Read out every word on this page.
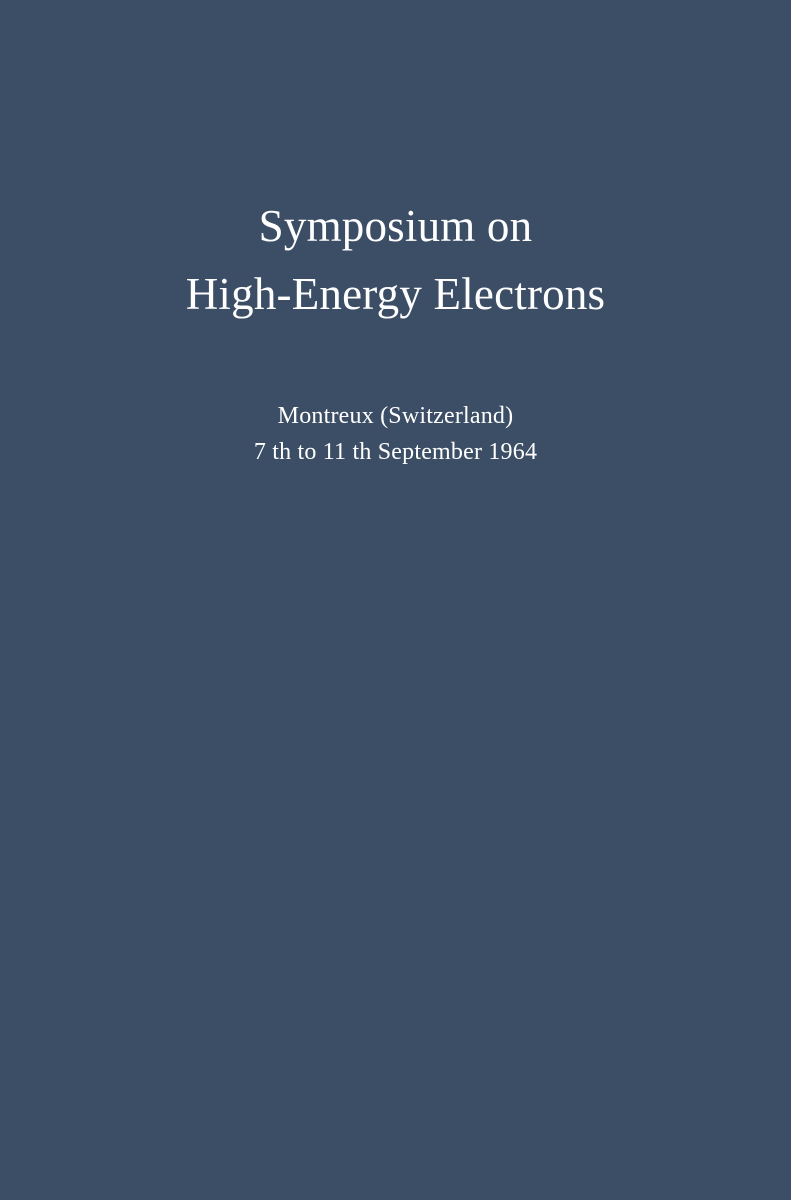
Symposium on
High-Energy Electrons
Montreux (Switzerland)
7 th to 11 th September 1964
